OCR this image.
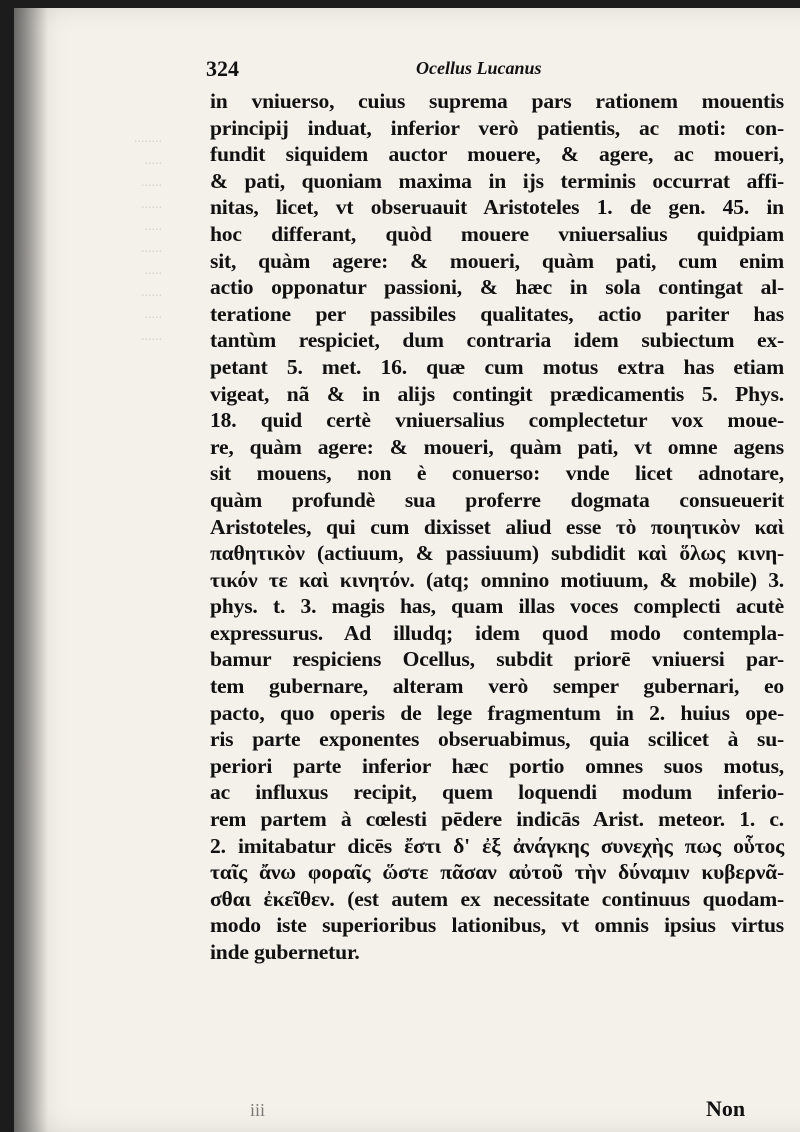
........
.....
......
......
.....
......
.....
......
.....
......
324	Ocellus Lucanus
in vniuerso, cuius suprema pars rationem mouentis
principij induat, inferior verò patientis, ac moti: con-
fundit siquidem auctor mouere, & agere, ac moueri,
& pati, quoniam maxima in ijs terminis occurrat affi-
nitas, licet, vt obseruauit Aristoteles 1. de gen. 45. in
hoc differant, quòd mouere vniuersalius quidpiam
sit, quàm agere: & moueri, quàm pati, cum enim
actio opponatur passioni, & hæc in sola contingat al-
teratione per passibiles qualitates, actio pariter has
tantùm respiciet, dum contraria idem subiectum ex-
petant 5. met. 16. quæ cum motus extra has etiam
vigeat, nã & in alijs contingit prædicamentis 5. Phys.
18. quid certè vniuersalius complectetur vox moue-
re, quàm agere: & moueri, quàm pati, vt omne agens
sit mouens, non è conuerso: vnde licet adnotare,
quàm profundè sua proferre dogmata consueuerit
Aristoteles, qui cum dixisset aliud esse τὸ ποιητικὸν καὶ
παθητικὸν (actiuum, & passiuum) subdidit καὶ ὅλως κινη-
τικόν τε καὶ κινητόν. (atq; omnino motiuum, & mobile) 3.
phys. t. 3. magis has, quam illas voces complecti acutè
expressurus. Ad illudq; idem quod modo contempla-
bamur respiciens Ocellus, subdit priorē vniuersi par-
tem gubernare, alteram verò semper gubernari, eo
pacto, quo operis de lege fragmentum in 2. huius ope-
ris parte exponentes obseruabimus, quia scilicet à su-
periori parte inferior hæc portio omnes suos motus,
ac influxus recipit, quem loquendi modum inferio-
rem partem à cœlesti pēdere indicās Arist. meteor. 1. c.
2. imitabatur dicēs ἔστι δ' ἐξ ἀνάγκης συνεχὴς πως οὗτος
ταῖς ἄνω φοραῖς ὥστε πᾶσαν αὐτοῦ τὴν δύναμιν κυβερνᾶ-
σθαι ἐκεῖθεν. (est autem ex necessitate continuus quodam-
modo iste superioribus lationibus, vt omnis ipsius virtus
inde gubernetur.
iii	Non
